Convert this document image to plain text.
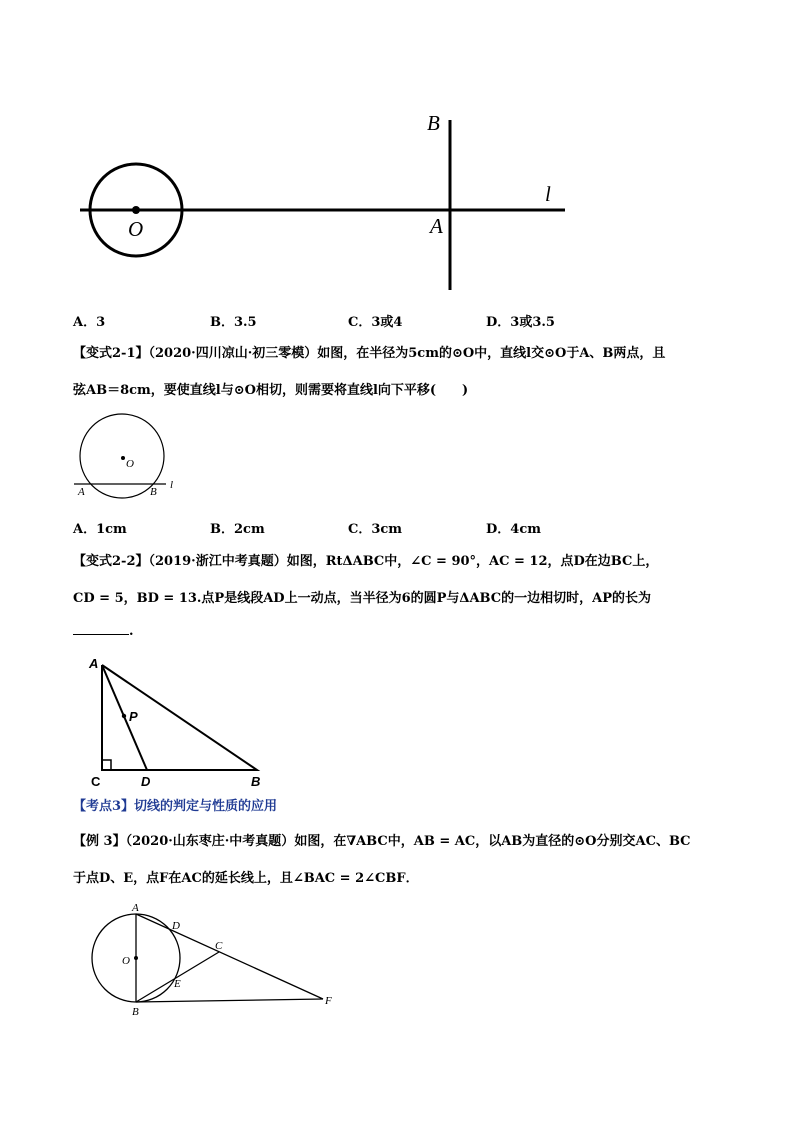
B
l
O	A
A．3	B．3.5	C．3或4	D．3或3.5
【变式2-1】（2020·四川凉山·初三零模）如图，在半径为5cm的⊙O中，直线l交⊙O于A、B两点，且
弦AB＝8cm，要使直线l与⊙O相切，则需要将直线l向下平移(　　)
O
A	B
l
A．1cm	B．2cm	C．3cm	D．4cm
【变式2-2】（2019·浙江中考真题）如图，RtΔABC中，∠C = 90°，AC = 12，点D在边BC上，
CD = 5，BD = 13.点P是线段AD上一动点，当半径为6的圆P与ΔABC的一边相切时，AP的长为
.
A
P
C	D	B
【考点3】切线的判定与性质的应用
【例 3】（2020·山东枣庄·中考真题）如图，在∇ABC中，AB = AC，以AB为直径的⊙O分别交AC、BC
于点D、E，点F在AC的延长线上，且∠BAC = 2∠CBF．
A
D
C
O
E
B
F
